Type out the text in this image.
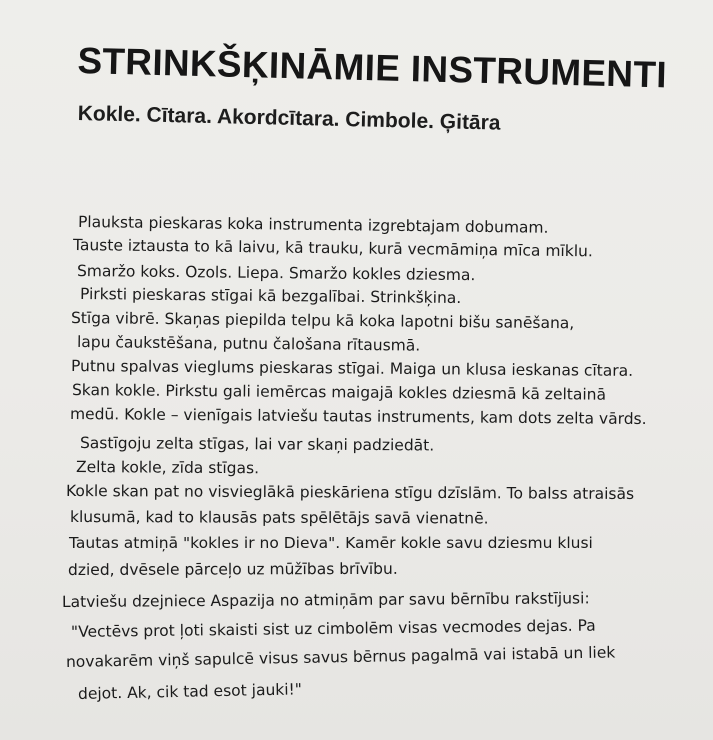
STRINKŠĶINĀMIE INSTRUMENTI
Kokle. Cītara. Akordcītara. Cimbole. Ģitāra
Plauksta pieskaras koka instrumenta izgrebtajam dobumam.
Tauste iztausta to kā laivu, kā trauku, kurā vecmāmiņa mīca mīklu.
Smaržo koks. Ozols. Liepa. Smaržo kokles dziesma.
Pirksti pieskaras stīgai kā bezgalībai. Strinkšķina.
Stīga vibrē. Skaņas piepilda telpu kā koka lapotni bišu sanēšana,
lapu čaukstēšana, putnu čalošana rītausmā.
Putnu spalvas vieglums pieskaras stīgai. Maiga un klusa ieskanas cītara.
Skan kokle. Pirkstu gali iemērcas maigajā kokles dziesmā kā zeltainā
medū. Kokle – vienīgais latviešu tautas instruments, kam dots zelta vārds.
Sastīgoju zelta stīgas, lai var skaņi padziedāt.
Zelta kokle, zīda stīgas.
Kokle skan pat no visvieglākā pieskāriena stīgu dzīslām. To balss atraisās
klusumā, kad to klausās pats spēlētājs savā vienatnē.
Tautas atmiņā "kokles ir no Dieva". Kamēr kokle savu dziesmu klusi
dzied, dvēsele pārceļo uz mūžības brīvību.
Latviešu dzejniece Aspazija no atmiņām par savu bērnību rakstījusi:
"Vectēvs prot ļoti skaisti sist uz cimbolēm visas vecmodes dejas. Pa
novakarēm viņš sapulcē visus savus bērnus pagalmā vai istabā un liek
dejot. Ak, cik tad esot jauki!"
